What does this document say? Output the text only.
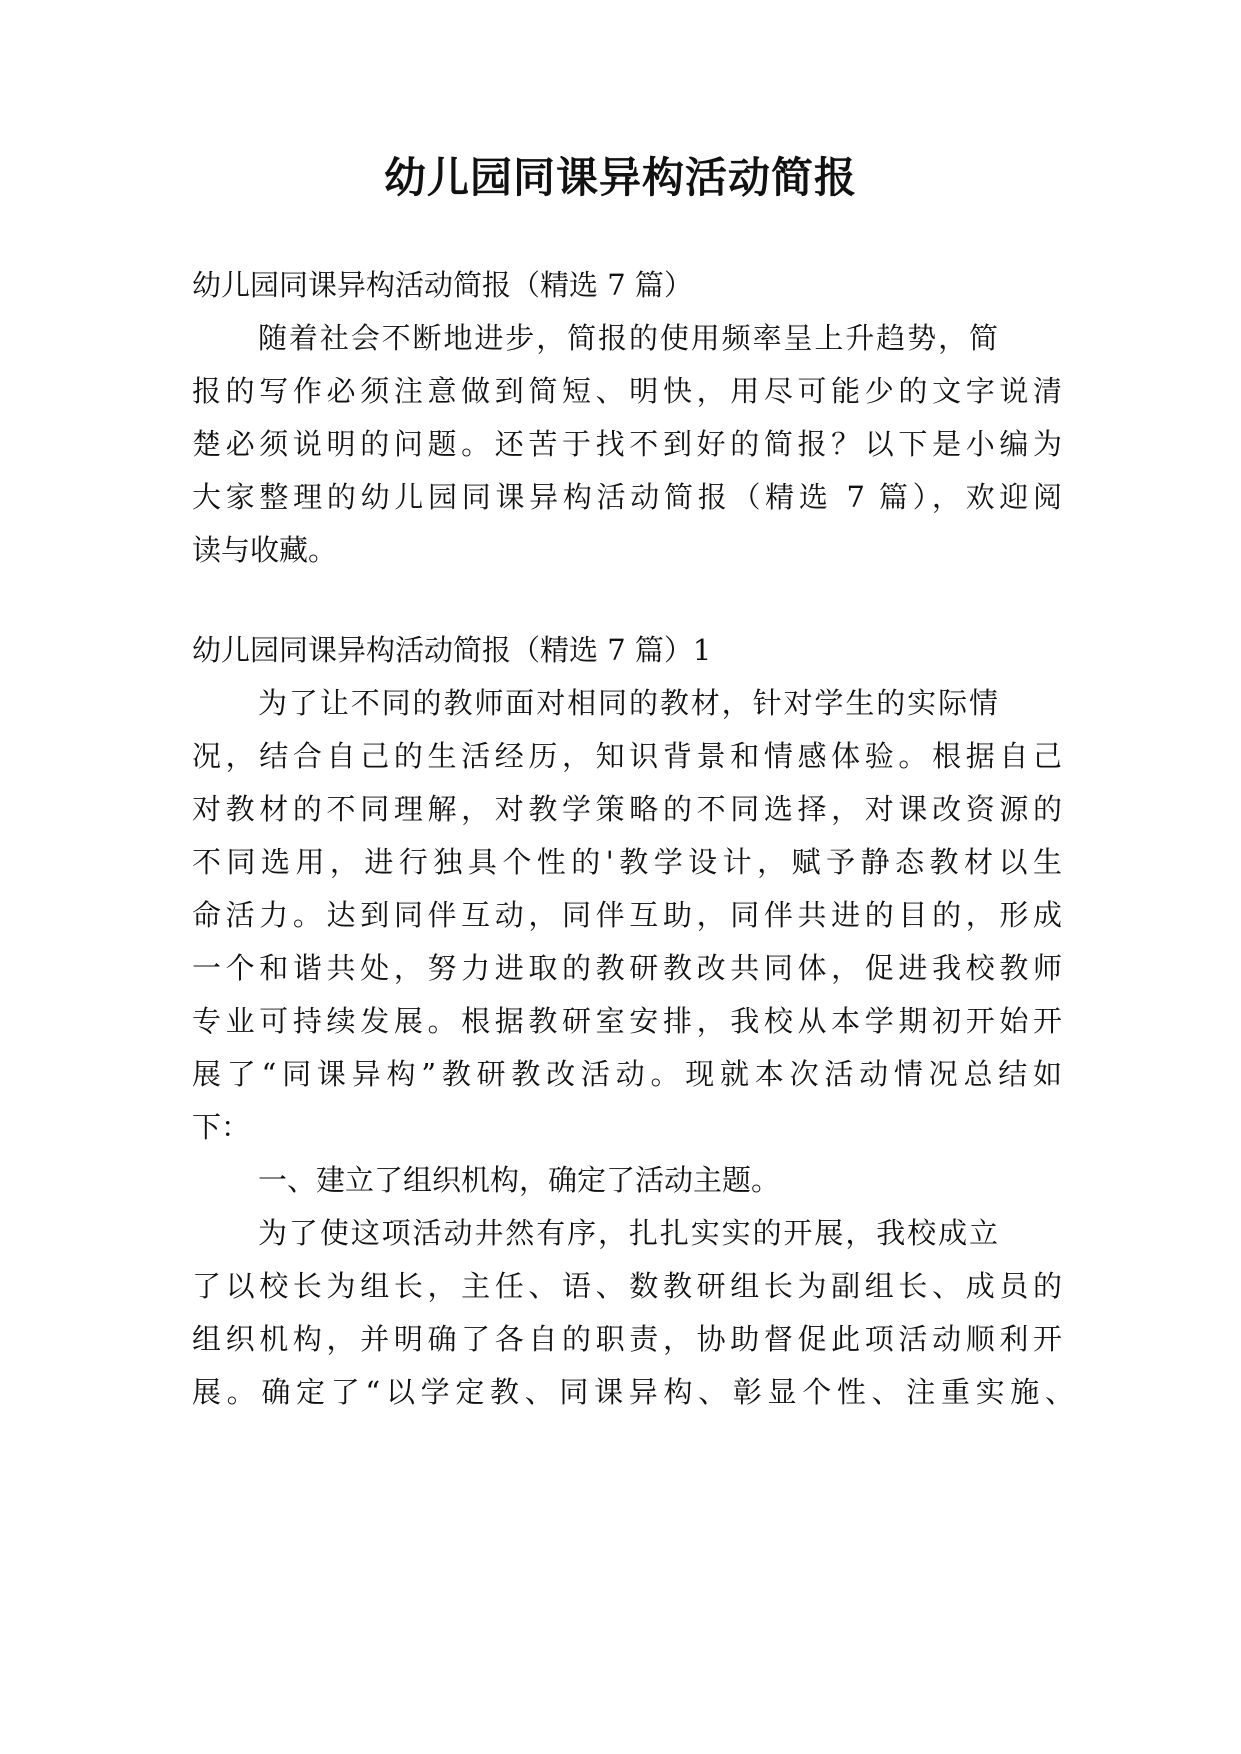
幼儿园同课异构活动简报

幼儿园同课异构活动简报（精选 7 篇）

随着社会不断地进步，简报的使用频率呈上升趋势，简

报的写作必须注意做到简短、明快，用尽可能少的文字说清

楚必须说明的问题。还苦于找不到好的简报？以下是小编为

大家整理的幼儿园同课异构活动简报（精选 7 篇），欢迎阅

读与收藏。

幼儿园同课异构活动简报（精选 7 篇）1

为了让不同的教师面对相同的教材，针对学生的实际情

况，结合自己的生活经历，知识背景和情感体验。根据自己

对教材的不同理解，对教学策略的不同选择，对课改资源的

不同选用，进行独具个性的'教学设计，赋予静态教材以生

命活力。达到同伴互动，同伴互助，同伴共进的目的，形成

一个和谐共处，努力进取的教研教改共同体，促进我校教师

专业可持续发展。根据教研室安排，我校从本学期初开始开

展了“同课异构”教研教改活动。现就本次活动情况总结如

下：

一、建立了组织机构，确定了活动主题。

为了使这项活动井然有序，扎扎实实的开展，我校成立

了以校长为组长，主任、语、数教研组长为副组长、成员的

组织机构，并明确了各自的职责，协助督促此项活动顺利开

展。确定了“以学定教、同课异构、彰显个性、注重实施、
